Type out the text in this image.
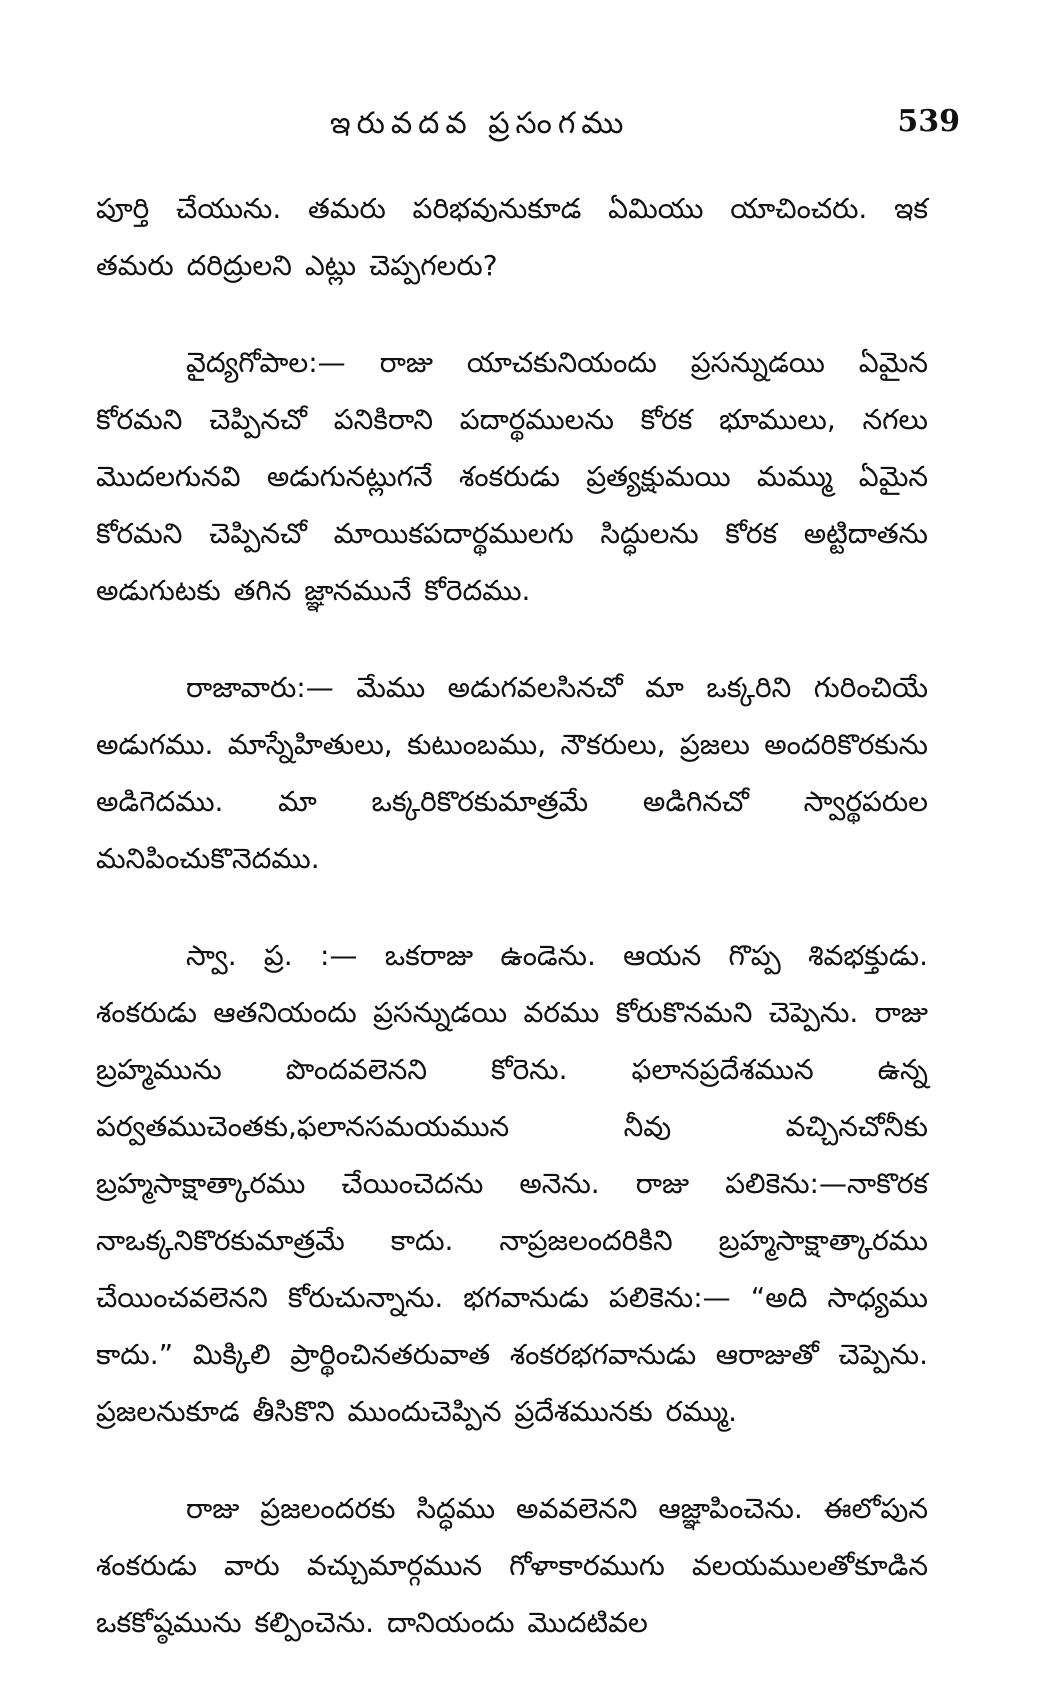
ఇరువదవ ప్రసంగము	539

పూర్తి చేయును. తమరు పరిభవునుకూడ ఏమియు యాచించరు. ఇక తమరు దరిద్రులని ఎట్లు చెప్పగలరు?

వైద్యగోపాల:— రాజు యాచకునియందు ప్రసన్నుడయి ఏమైన కోరమని చెప్పినచో పనికిరాని పదార్థములను కోరక భూములు, నగలు మొదలగునవి అడుగునట్లుగనే శంకరుడు ప్రత్యక్షుమయి మమ్ము ఏమైన కోరమని చెప్పినచో మాయికపదార్థములగు సిద్ధులను కోరక అట్టిదాతను అడుగుటకు తగిన జ్ఞానమునే కోరెదము.

రాజావారు:— మేము అడుగవలసినచో మా ఒక్కరిని గురించియే అడుగము. మాస్నేహితులు, కుటుంబము, నౌకరులు, ప్రజలు అందరికొరకును అడిగెదము. మా ఒక్కరికొరకుమాత్రమే అడిగినచో స్వార్థపరుల మనిపించుకొనెదము.

స్వా. ప్ర. :— ఒకరాజు ఉండెను. ఆయన గొప్ప శివభక్తుడు. శంకరుడు ఆతనియందు ప్రసన్నుడయి వరము కోరుకొనమని చెప్పెను. రాజు బ్రహ్మమును పొందవలెనని కోరెను. ఫలానప్రదేశమున ఉన్న పర్వతముచెంతకు,ఫలానసమయమున నీవు వచ్చినచోనీకు బ్రహ్మసాక్షాత్కారము చేయించెదను అనెను. రాజు పలికెను:—నాకొరక నాఒక్కనికొరకుమాత్రమే కాదు. నాప్రజలందరికిని బ్రహ్మసాక్షాత్కారము చేయించవలెనని కోరుచున్నాను. భగవానుడు పలికెను:— “అది సాధ్యము కాదు.” మిక్కిలి ప్రార్థించినతరువాత శంకరభగవానుడు ఆరాజుతో చెప్పెను. ప్రజలనుకూడ తీసికొని ముందుచెప్పిన ప్రదేశమునకు రమ్ము.

రాజు ప్రజలందరకు సిద్ధము అవవలెనని ఆజ్ఞాపించెను. ఈలోపున శంకరుడు వారు వచ్చుమార్గమున గోళాకారముగు వలయములతోకూడిన ఒకకోష్ఠమును కల్పించెను. దానియందు మొదటివల
